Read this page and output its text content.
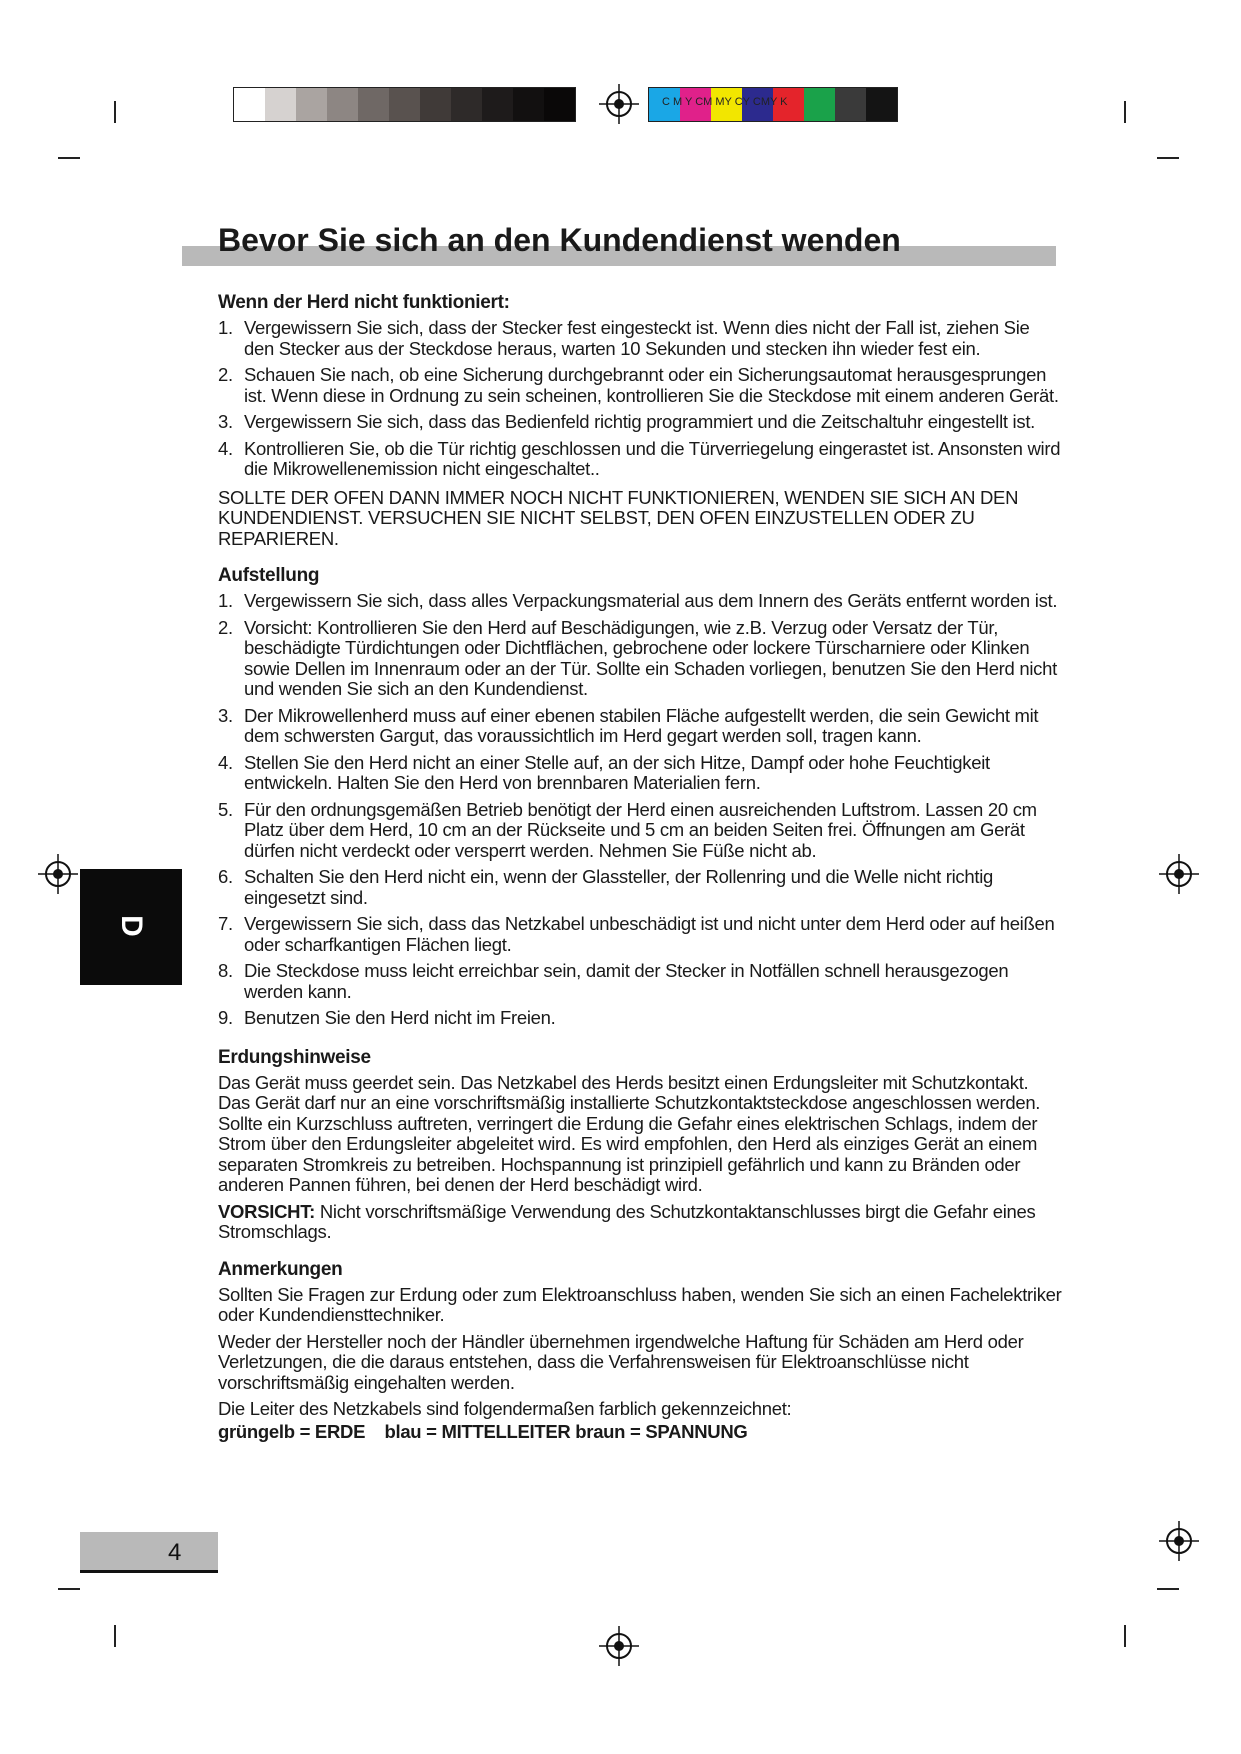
C M Y CM MY CY CMY K
Bevor Sie sich an den Kundendienst wenden
D
Wenn der Herd nicht funktioniert:
1. Vergewissern Sie sich, dass der Stecker fest eingesteckt ist. Wenn dies nicht der Fall ist, ziehen Sie den Stecker aus der Steckdose heraus, warten 10 Sekunden und stecken ihn wieder fest ein.
2. Schauen Sie nach, ob eine Sicherung durchgebrannt oder ein Sicherungsautomat herausgesprungen ist. Wenn diese in Ordnung zu sein scheinen, kontrollieren Sie die Steckdose mit einem anderen Gerät.
3. Vergewissern Sie sich, dass das Bedienfeld richtig programmiert und die Zeitschaltuhr eingestellt ist.
4. Kontrollieren Sie, ob die Tür richtig geschlossen und die Türverriegelung eingerastet ist. Ansonsten wird die Mikrowellenemission nicht eingeschaltet..

SOLLTE DER OFEN DANN IMMER NOCH NICHT FUNKTIONIEREN, WENDEN SIE SICH AN DEN KUNDENDIENST. VERSUCHEN SIE NICHT SELBST, DEN OFEN EINZUSTELLEN ODER ZU REPARIEREN.

Aufstellung
1. Vergewissern Sie sich, dass alles Verpackungsmaterial aus dem Innern des Geräts entfernt worden ist.
2. Vorsicht: Kontrollieren Sie den Herd auf Beschädigungen, wie z.B. Verzug oder Versatz der Tür, beschädigte Türdichtungen oder Dichtflächen, gebrochene oder lockere Türscharniere oder Klinken sowie Dellen im Innenraum oder an der Tür. Sollte ein Schaden vorliegen, benutzen Sie den Herd nicht und wenden Sie sich an den Kundendienst.
3. Der Mikrowellenherd muss auf einer ebenen stabilen Fläche aufgestellt werden, die sein Gewicht mit dem schwersten Gargut, das voraussichtlich im Herd gegart werden soll, tragen kann.
4. Stellen Sie den Herd nicht an einer Stelle auf, an der sich Hitze, Dampf oder hohe Feuchtigkeit entwickeln. Halten Sie den Herd von brennbaren Materialien fern.
5. Für den ordnungsgemäßen Betrieb benötigt der Herd einen ausreichenden Luftstrom. Lassen 20 cm Platz über dem Herd, 10 cm an der Rückseite und 5 cm an beiden Seiten frei. Öffnungen am Gerät dürfen nicht verdeckt oder versperrt werden. Nehmen Sie Füße nicht ab.
6. Schalten Sie den Herd nicht ein, wenn der Glassteller, der Rollenring und die Welle nicht richtig eingesetzt sind.
7. Vergewissern Sie sich, dass das Netzkabel unbeschädigt ist und nicht unter dem Herd oder auf heißen oder scharfkantigen Flächen liegt.
8. Die Steckdose muss leicht erreichbar sein, damit der Stecker in Notfällen schnell herausgezogen werden kann.
9. Benutzen Sie den Herd nicht im Freien.
Erdungshinweise

Das Gerät muss geerdet sein. Das Netzkabel des Herds besitzt einen Erdungsleiter mit Schutzkontakt. Das Gerät darf nur an eine vorschriftsmäßig installierte Schutzkontaktsteckdose angeschlossen werden. Sollte ein Kurzschluss auftreten, verringert die Erdung die Gefahr eines elektrischen Schlags, indem der Strom über den Erdungsleiter abgeleitet wird. Es wird empfohlen, den Herd als einziges Gerät an einem separaten Stromkreis zu betreiben. Hochspannung ist prinzipiell gefährlich und kann zu Bränden oder anderen Pannen führen, bei denen der Herd beschädigt wird.

VORSICHT: Nicht vorschriftsmäßige Verwendung des Schutzkontaktanschlusses birgt die Gefahr eines Stromschlags.

Anmerkungen

Sollten Sie Fragen zur Erdung oder zum Elektroanschluss haben, wenden Sie sich an einen Fachelektriker oder Kundendiensttechniker.

Weder der Hersteller noch der Händler übernehmen irgendwelche Haftung für Schäden am Herd oder Verletzungen, die die daraus entstehen, dass die Verfahrensweisen für Elektroanschlüsse nicht vorschriftsmäßig eingehalten werden.

Die Leiter des Netzkabels sind folgendermaßen farblich gekennzeichnet:

grüngelb = ERDE    blau = MITTELLEITER braun = SPANNUNG

4
